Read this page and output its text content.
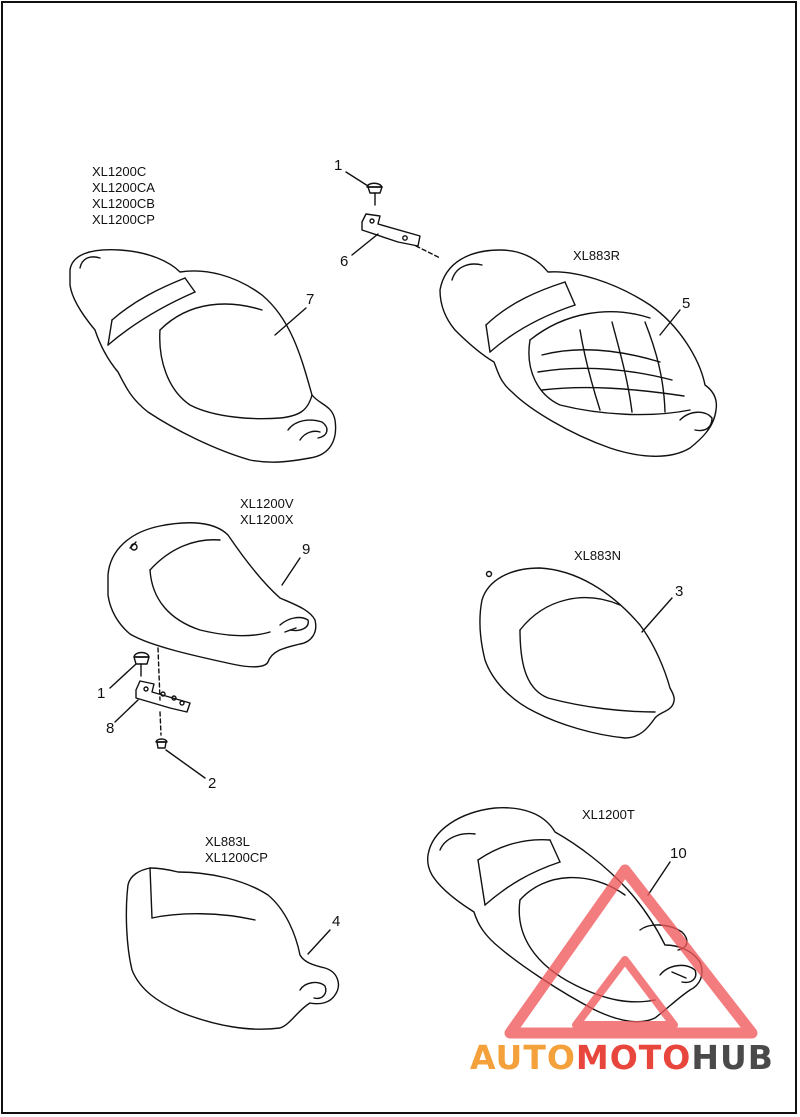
XL1200C
XL1200CA
XL1200CB
XL1200CP
XL883R
XL1200V
XL1200X
XL883N
XL883L
XL1200CP
XL1200T
1
6
7	5
9
3
1
8
2
4
10
AUTOMOTOHUB
